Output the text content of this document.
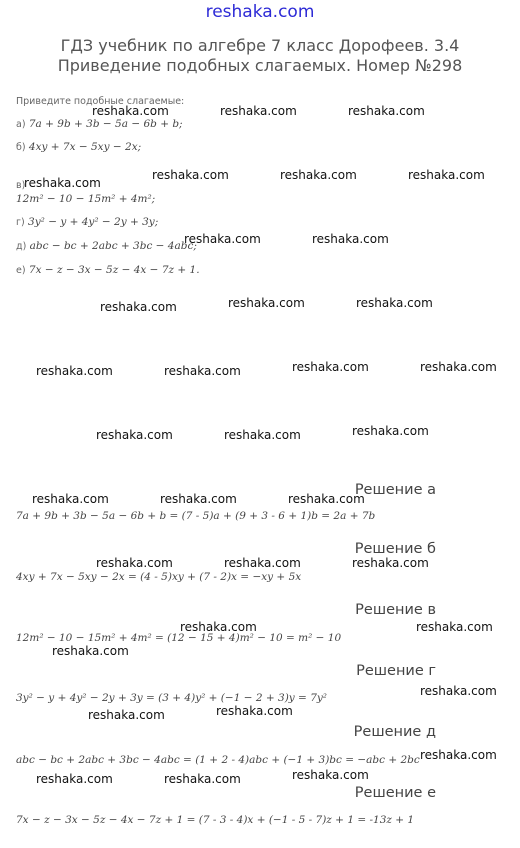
reshaka.com
ГДЗ учебник по алгебре 7 класс Дорофеев. 3.4 Приведение подобных слагаемых. Номер №298
Приведите подобные слагаемые:
а) 7a + 9b + 3b − 5a − 6b + b;
б) 4xy + 7x − 5xy − 2x;
в)
12m² − 10 − 15m² + 4m²;
г) 3y² − y + 4y² − 2y + 3y;
д) abc − bc + 2abc + 3bc − 4abc;
е) 7x − z − 3x − 5z − 4x − 7z + 1.
Решение а
7a + 9b + 3b − 5a − 6b + b = (7 - 5)a + (9 + 3 - 6 + 1)b = 2a + 7b
Решение б
4xy + 7x − 5xy − 2x = (4 - 5)xy + (7 - 2)x = −xy + 5x
Решение в
12m² − 10 − 15m² + 4m² = (12 − 15 + 4)m² − 10 = m² − 10
Решение г
3y² − y + 4y² − 2y + 3y = (3 + 4)y² + (−1 − 2 + 3)y = 7y²
Решение д
abc − bc + 2abc + 3bc − 4abc = (1 + 2 - 4)abc + (−1 + 3)bc = −abc + 2bc
Решение е
7x − z − 3x − 5z − 4x − 7z + 1 = (7 - 3 - 4)x + (−1 - 5 - 7)z + 1 = -13z + 1
reshaka.com	reshaka.com	reshaka.com
reshaka.com	reshaka.com	reshaka.com
reshaka.com
reshaka.com	reshaka.com
reshaka.com	reshaka.com
reshaka.com
reshaka.com	reshaka.com
reshaka.com	reshaka.com
reshaka.com
reshaka.com	reshaka.com
reshaka.com	reshaka.com	reshaka.com
reshaka.com	reshaka.com	reshaka.com
reshaka.com	reshaka.com
reshaka.com
reshaka.com
reshaka.com
reshaka.com
reshaka.com
reshaka.com
reshaka.com	reshaka.com
